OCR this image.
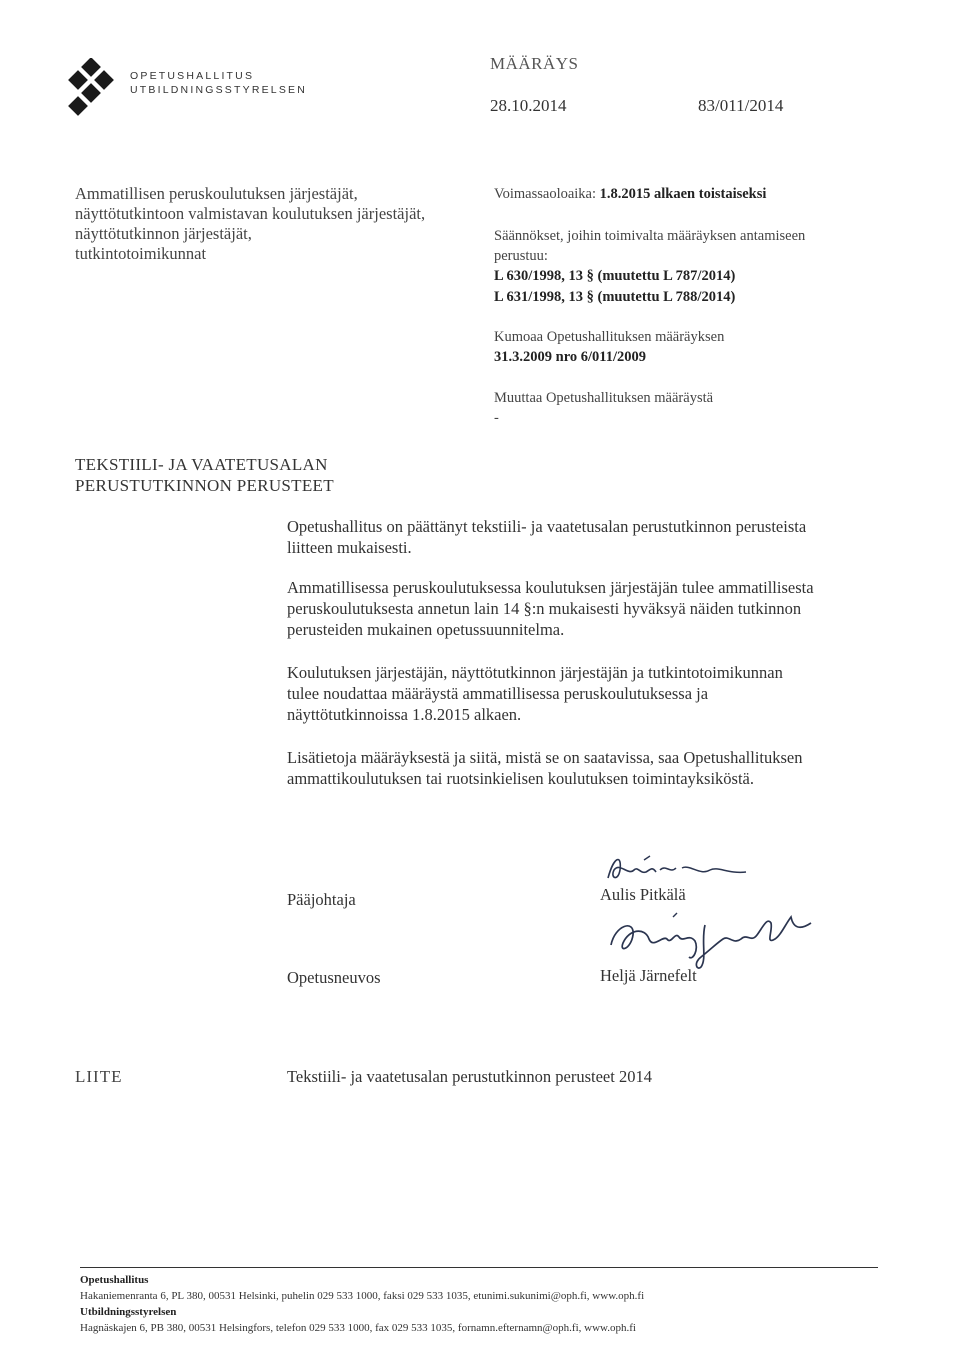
OPETUSHALLITUS
UTBILDNINGSSTYRELSEN
MÄÄRÄYS
28.10.2014	83/011/2014
Ammatillisen peruskoulutuksen järjestäjät,
näyttötutkintoon valmistavan koulutuksen järjestäjät,
näyttötutkinnon järjestäjät,
tutkintotoimikunnat
Voimassaoloaika: 1.8.2015 alkaen toistaiseksi
Säännökset, joihin toimivalta määräyksen antamiseen
perustuu:
L 630/1998, 13 § (muutettu L 787/2014)
L 631/1998, 13 § (muutettu L 788/2014)
Kumoaa Opetushallituksen määräyksen
31.3.2009 nro 6/011/2009
Muuttaa Opetushallituksen määräystä
-
TEKSTIILI- JA VAATETUSALAN
PERUSTUTKINNON PERUSTEET
Opetushallitus on päättänyt tekstiili- ja vaatetusalan perustutkinnon perusteista
liitteen mukaisesti.
Ammatillisessa peruskoulutuksessa koulutuksen järjestäjän tulee ammatillisesta
peruskoulutuksesta annetun lain 14 §:n mukaisesti hyväksyä näiden tutkinnon
perusteiden mukainen opetussuunnitelma.
Koulutuksen järjestäjän, näyttötutkinnon järjestäjän ja tutkintotoimikunnan
tulee noudattaa määräystä ammatillisessa peruskoulutuksessa ja
näyttötutkinnoissa 1.8.2015 alkaen.
Lisätietoja määräyksestä ja siitä, mistä se on saatavissa, saa Opetushallituksen
ammattikoulutuksen tai ruotsinkielisen koulutuksen toimintayksiköstä.
Pääjohtaja	Aulis Pitkälä
Opetusneuvos	Heljä Järnefelt
LIITE	Tekstiili- ja vaatetusalan perustutkinnon perusteet 2014
Opetushallitus
Hakaniemenranta 6, PL 380, 00531 Helsinki, puhelin 029 533 1000, faksi 029 533 1035, etunimi.sukunimi@oph.fi, www.oph.fi
Utbildningsstyrelsen
Hagnäskajen 6, PB 380, 00531 Helsingfors, telefon 029 533 1000, fax 029 533 1035, fornamn.efternamn@oph.fi, www.oph.fi
